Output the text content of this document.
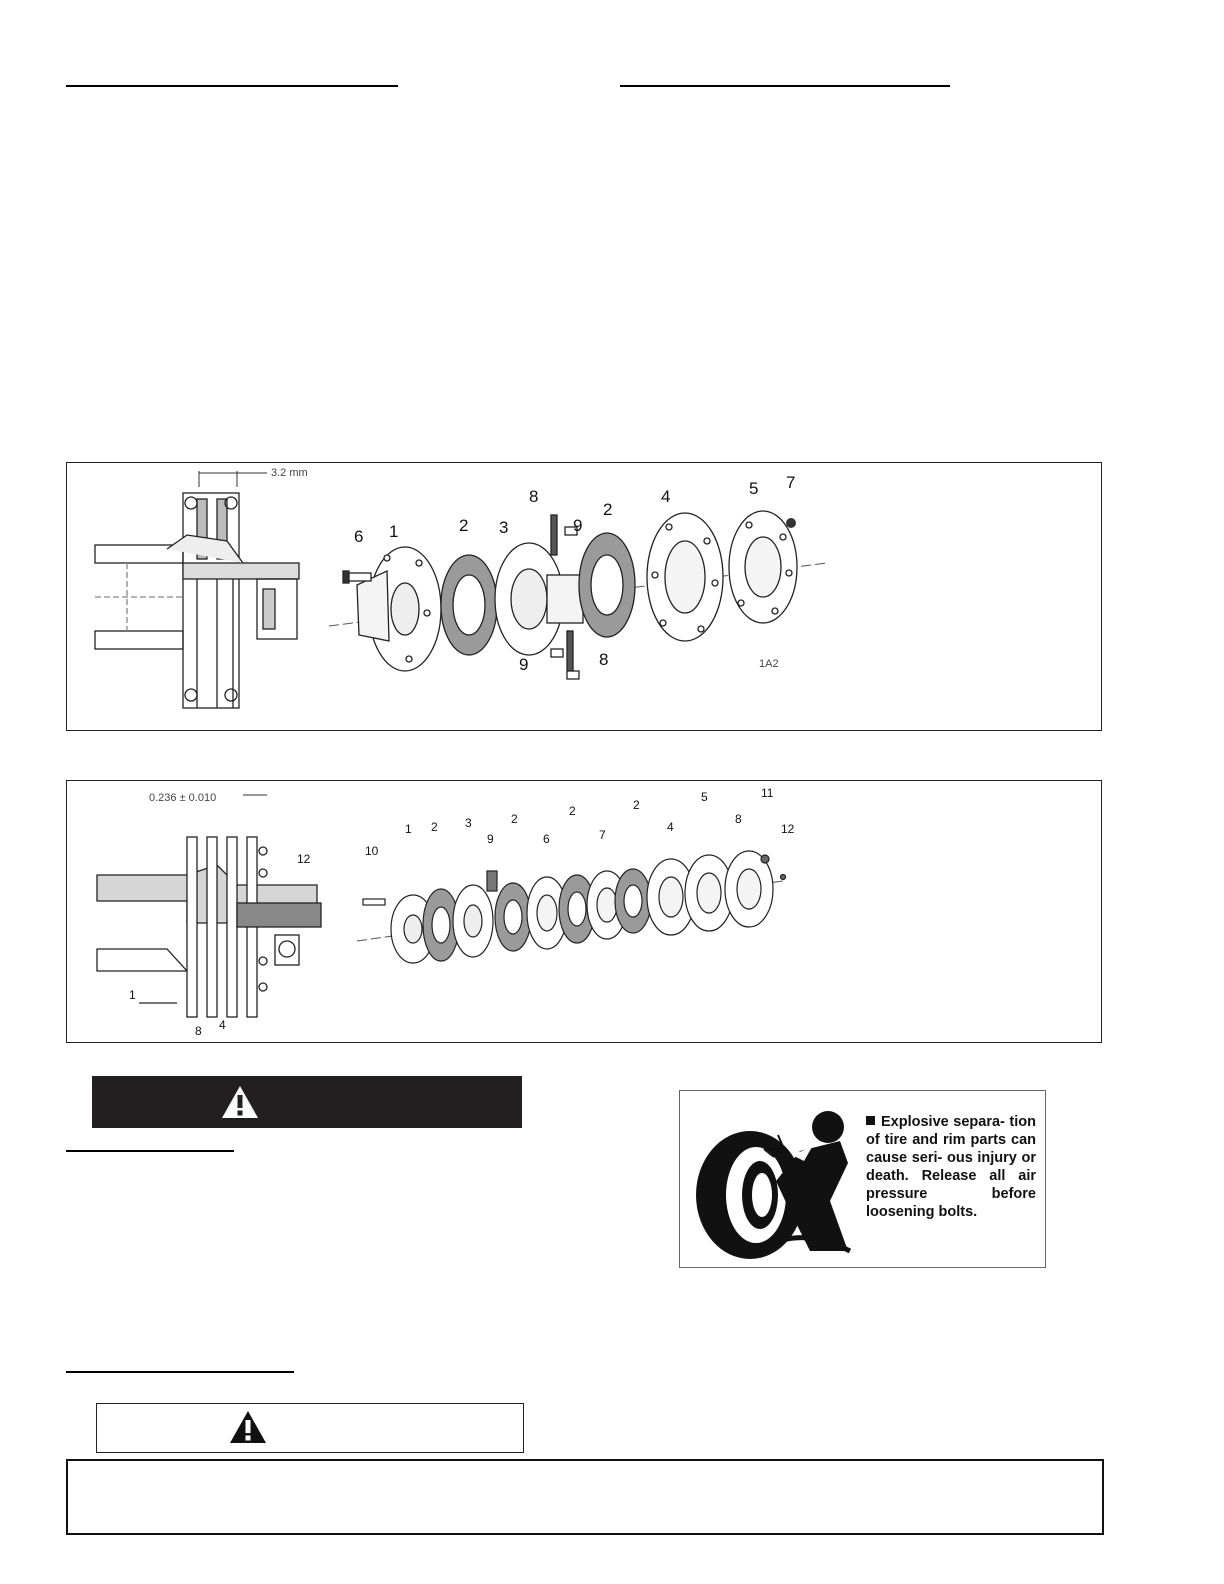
3.2 mm
6 1	2 3
8
9
2
4	5 7
9	8	1A2
0.236 ± 0.010
12
1
8 4
10
1 2 3
9
2
6
2
7
2
4
5
8
11
12
Explosive separa- tion of tire and rim parts can cause seri- ous injury or death. Release all air pressure before loosening bolts.
